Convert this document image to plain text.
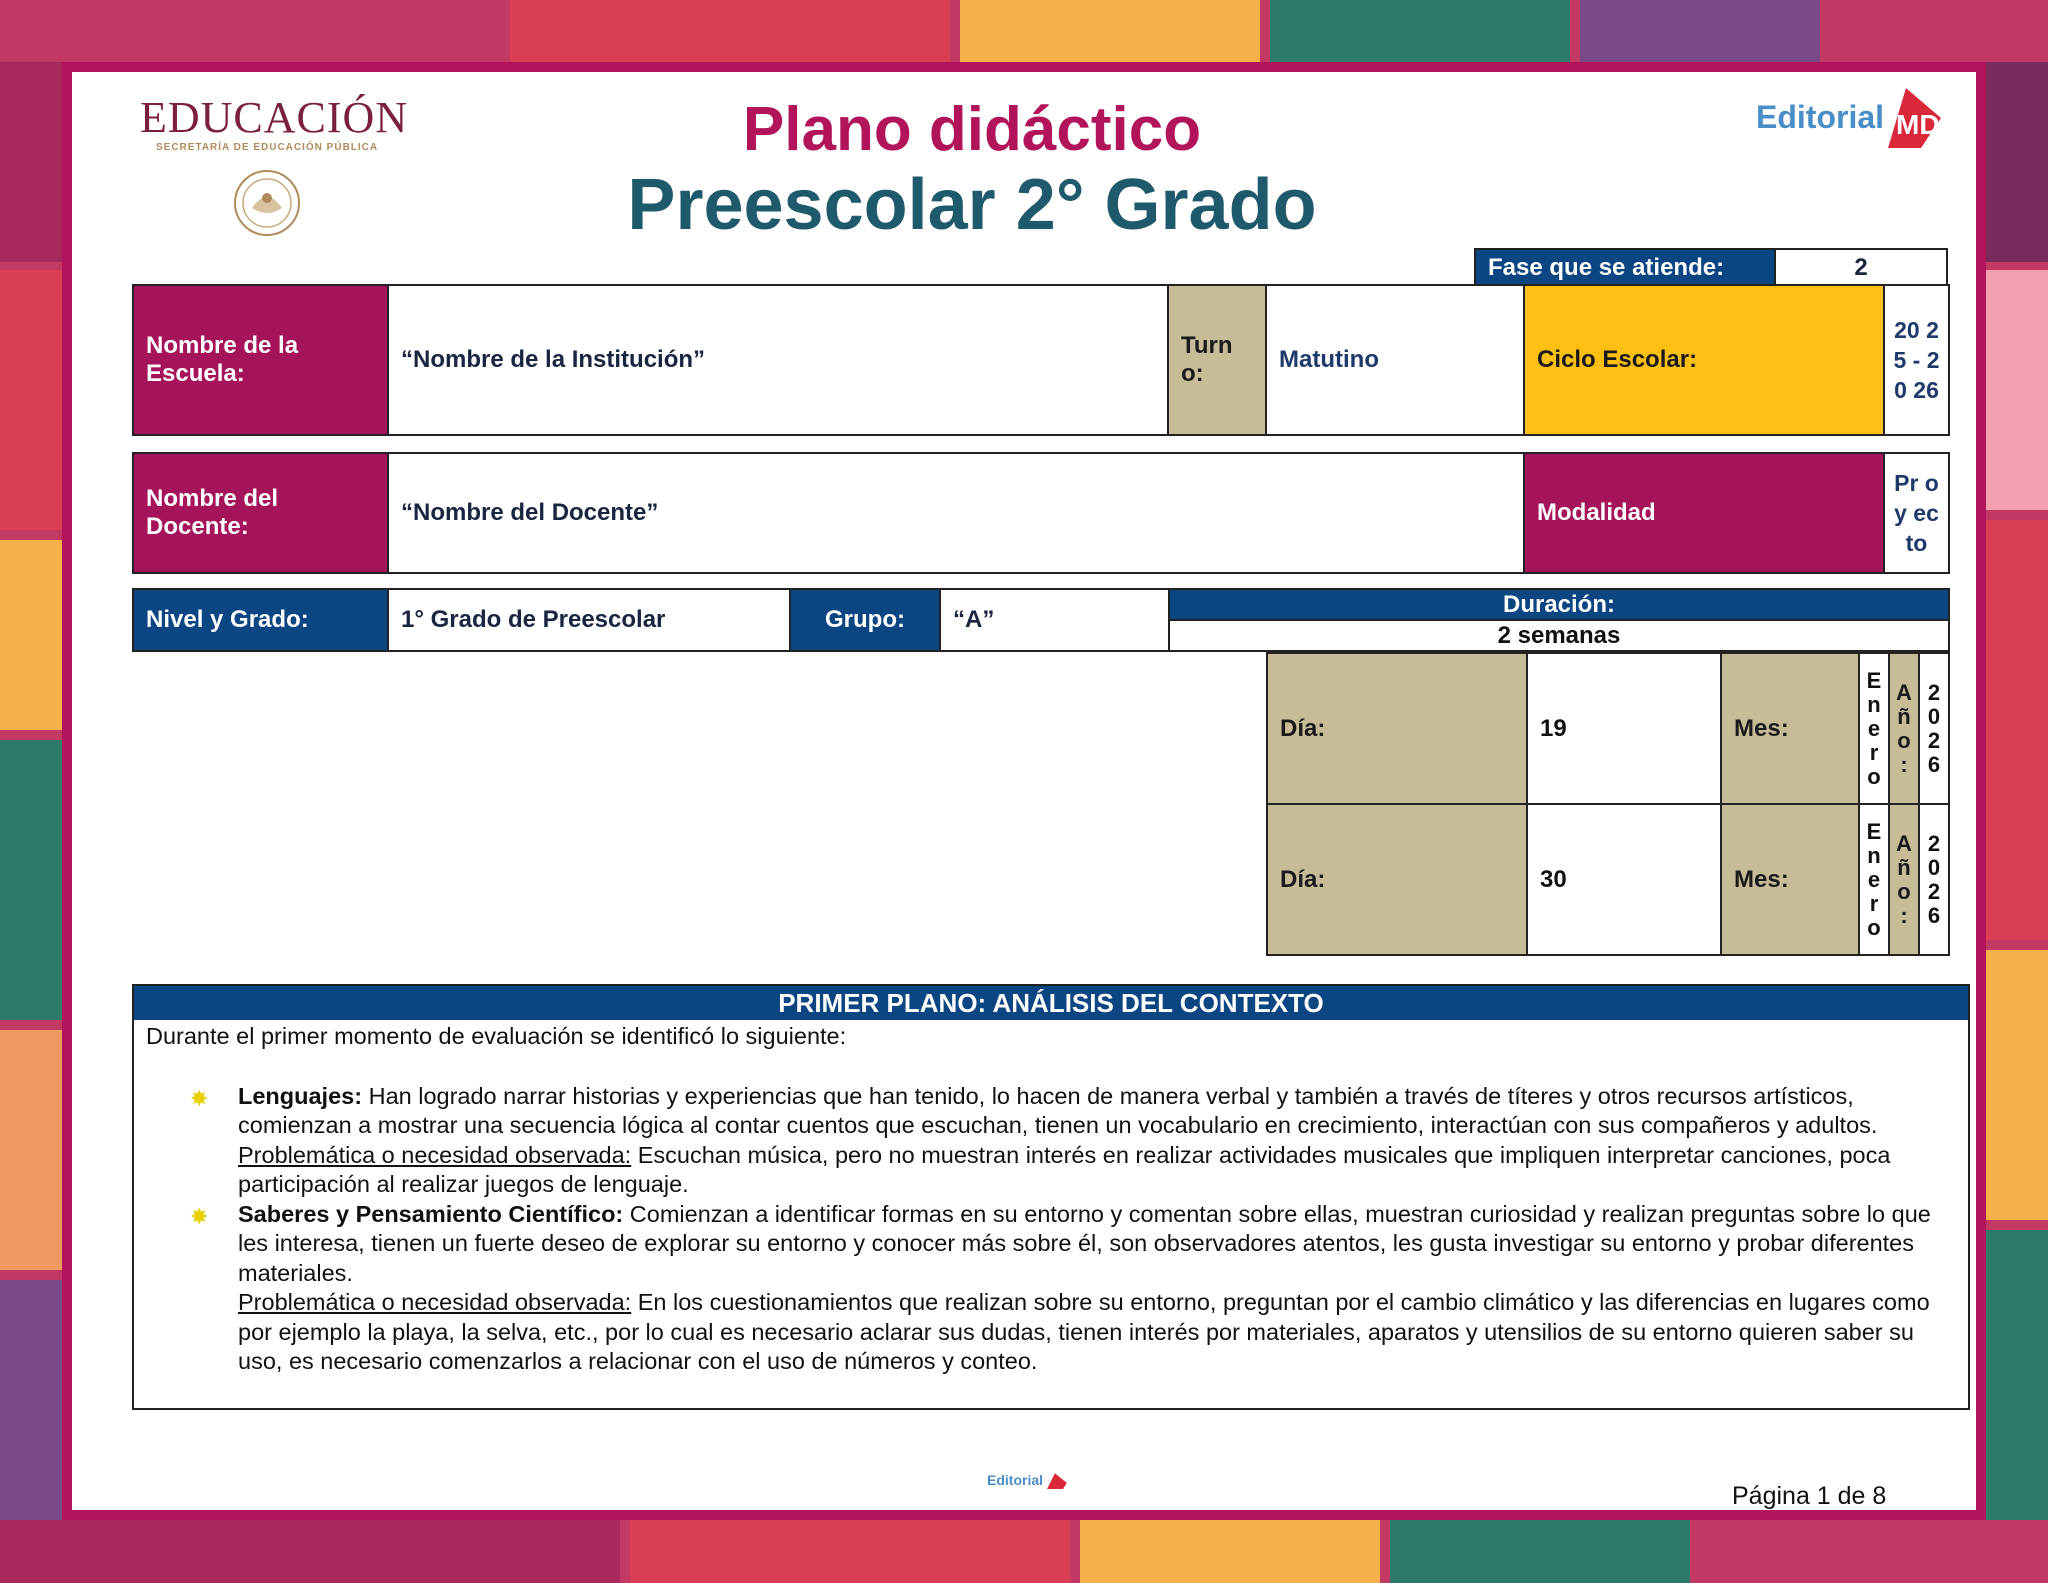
EDUCACIÓN
SECRETARÍA DE EDUCACIÓN PÚBLICA	Plano didáctico
Preescolar 2° Grado
Editorial MD
Fase que se atiende:	2
Nombre de la Escuela:	“Nombre de la Institución”	Turn o:	Matutino	Ciclo Escolar:	20 25 - 20 26
Nombre del Docente:	“Nombre del Docente”	Modalidad	Pr oy ec to
Nivel y Grado:	1° Grado de Preescolar	Grupo:	“A”
Duración:
2 semanas
Día:	19	Mes:	E n e r o	A ñ o :	2 0 2 6
Día:	30	Mes:	E n e r o	A ñ o :	2 0 2 6
PRIMER PLANO: ANÁLISIS DEL CONTEXTO
Durante el primer momento de evaluación se identificó lo siguiente:
✸ Lenguajes: Han logrado narrar historias y experiencias que han tenido, lo hacen de manera verbal y también a través de títeres y otros recursos artísticos, comienzan a mostrar una secuencia lógica al contar cuentos que escuchan, tienen un vocabulario en crecimiento, interactúan con sus compañeros y adultos.
Problemática o necesidad observada: Escuchan música, pero no muestran interés en realizar actividades musicales que impliquen interpretar canciones, poca participación al realizar juegos de lenguaje.
✸ Saberes y Pensamiento Científico: Comienzan a identificar formas en su entorno y comentan sobre ellas, muestran curiosidad y realizan preguntas sobre lo que les interesa, tienen un fuerte deseo de explorar su entorno y conocer más sobre él, son observadores atentos, les gusta investigar su entorno y probar diferentes materiales.
Problemática o necesidad observada: En los cuestionamientos que realizan sobre su entorno, preguntan por el cambio climático y las diferencias en lugares como por ejemplo la playa, la selva, etc., por lo cual es necesario aclarar sus dudas, tienen interés por materiales, aparatos y utensilios de su entorno quieren saber su uso, es necesario comenzarlos a relacionar con el uso de números y conteo.
Editorial
Página 1 de 8
